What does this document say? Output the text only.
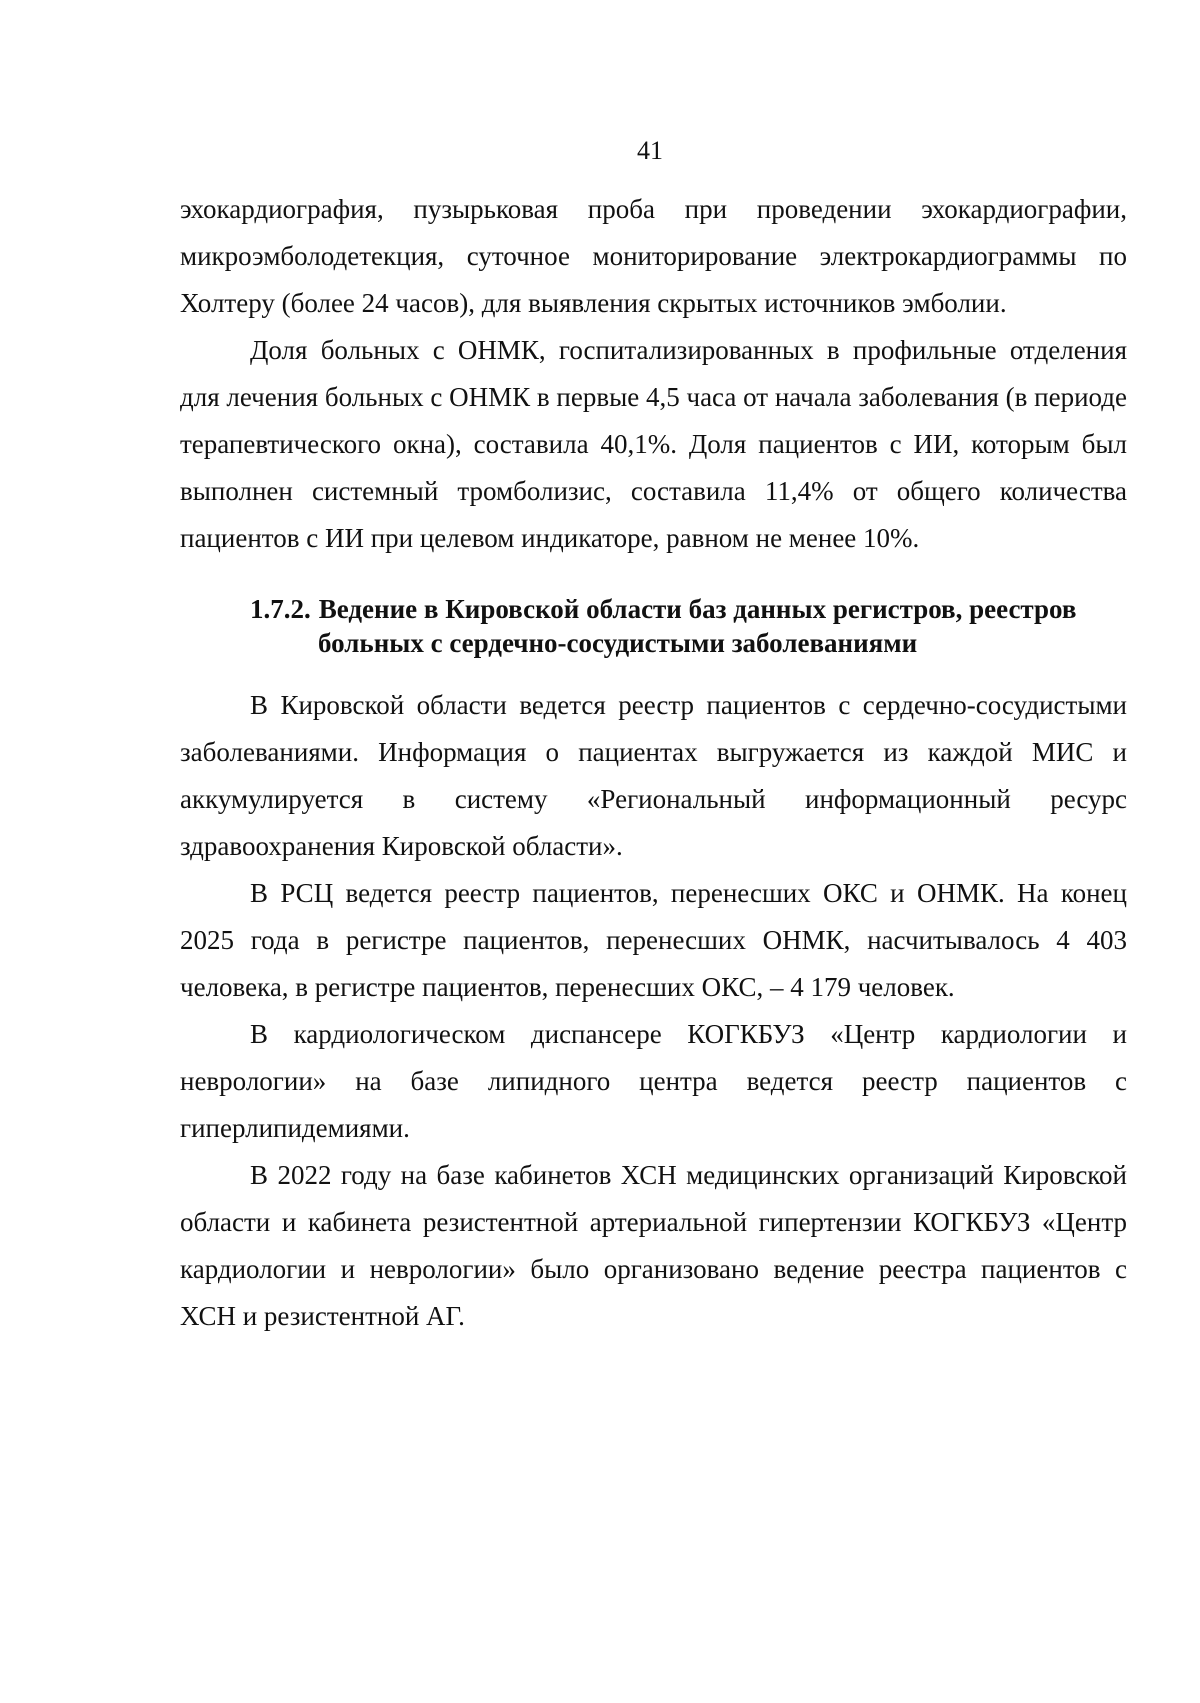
41

эхокардиография, пузырьковая проба при проведении эхокардиографии, микроэмболодетекция, суточное мониторирование электрокардиограммы по Холтеру (более 24 часов), для выявления скрытых источников эмболии.

Доля больных с ОНМК, госпитализированных в профильные отделения для лечения больных с ОНМК в первые 4,5 часа от начала заболевания (в периоде терапевтического окна), составила 40,1%. Доля пациентов с ИИ, которым был выполнен системный тромболизис, составила 11,4% от общего количества пациентов с ИИ при целевом индикаторе, равном не менее 10%.

1.7.2. Ведение в Кировской области баз данных регистров, реестров
больных с сердечно-сосудистыми заболеваниями

В Кировской области ведется реестр пациентов с сердечно-сосудистыми заболеваниями. Информация о пациентах выгружается из каждой МИС и аккумулируется в систему «Региональный информационный ресурс здравоохранения Кировской области».

В РСЦ ведется реестр пациентов, перенесших ОКС и ОНМК. На конец 2025 года в регистре пациентов, перенесших ОНМК, насчитывалось 4 403 человека, в регистре пациентов, перенесших ОКС, – 4 179 человек.

В кардиологическом диспансере КОГКБУЗ «Центр кардиологии и неврологии» на базе липидного центра ведется реестр пациентов с гиперлипидемиями.

В 2022 году на базе кабинетов ХСН медицинских организаций Кировской области и кабинета резистентной артериальной гипертензии КОГКБУЗ «Центр кардиологии и неврологии» было организовано ведение реестра пациентов с ХСН и резистентной АГ.
